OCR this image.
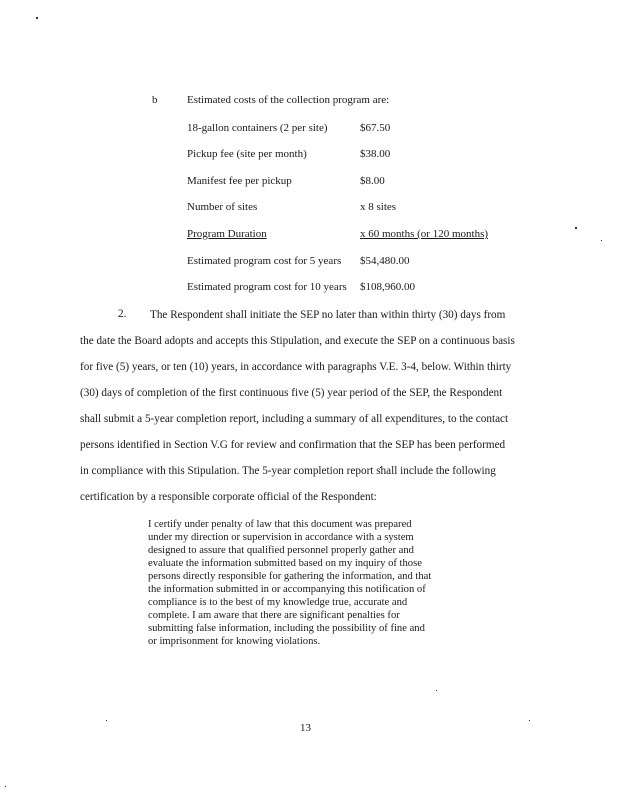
b	Estimated costs of the collection program are:
18-gallon containers (2 per site)	$67.50
Pickup fee (site per month)	$38.00
Manifest fee per pickup	$8.00
Number of sites	x 8 sites
Program Duration	x 60 months (or 120 months)
Estimated program cost for 5 years $54,480.00
Estimated program cost for 10 years $108,960.00
2. The Respondent shall initiate the SEP no later than within thirty (30) days from
the date the Board adopts and accepts this Stipulation, and execute the SEP on a continuous basis
for five (5) years, or ten (10) years, in accordance with paragraphs V.E. 3-4, below. Within thirty
(30) days of completion of the first continuous five (5) year period of the SEP, the Respondent
shall submit a 5-year completion report, including a summary of all expenditures, to the contact
persons identified in Section V.G for review and confirmation that the SEP has been performed
in compliance with this Stipulation. The 5-year completion report shall include the following
certification by a responsible corporate official of the Respondent:
I certify under penalty of law that this document was prepared
under my direction or supervision in accordance with a system
designed to assure that qualified personnel properly gather and
evaluate the information submitted based on my inquiry of those
persons directly responsible for gathering the information, and that
the information submitted in or accompanying this notification of
compliance is to the best of my knowledge true, accurate and
complete. I am aware that there are significant penalties for
submitting false information, including the possibility of fine and
or imprisonment for knowing violations.
13
